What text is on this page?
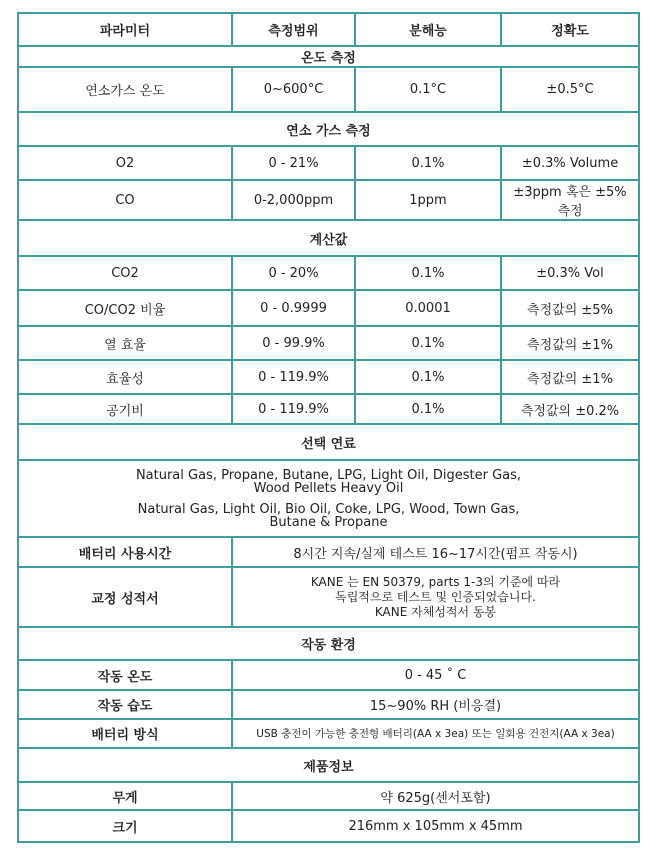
파라미터	측정범위	분해능	정확도
온도 측정			
연소가스 온도	0~600°C	0.1°C	±0.5°C
연소 가스 측정			
O2	0 - 21%	0.1%	±0.3% Volume
CO	0-2,000ppm	1ppm	±3ppm 혹은 ±5% 측정
계산값			
CO2	0 - 20%	0.1%	±0.3% Vol
CO/CO2 비율	0 - 0.9999	0.0001	측정값의 ±5%
열 효율	0 - 99.9%	0.1%	측정값의 ±1%
효율성	0 - 119.9%	0.1%	측정값의 ±1%
공기비	0 - 119.9%	0.1%	측정값의 ±0.2%
선택 연료			

Natural Gas, Propane, Butane, LPG, Light Oil, Digester Gas,
Wood Pellets Heavy Oil
Natural Gas, Light Oil, Bio Oil, Coke, LPG, Wood, Town Gas,
Butane & Propane			

배터리 사용시간	8시간 지속/실제 테스트 16~17시간(펌프 작동시)		
교정 성적서	KANE 는 EN 50379, parts 1-3의 기준에 따라
독립적으로 테스트 및 인증되었습니다.
KANE 자체성적서 동봉		

작동 환경			
작동 온도	0 - 45 ˚ C		
작동 습도	15~90% RH (비응결)		
배터리 방식	USB 충전이 가능한 충전형 배터리(AA x 3ea) 또는 일회용 건전지(AA x 3ea)		
제품정보			
무게	약 625g(센서포함)		
크기	216mm x 105mm x 45mm		
